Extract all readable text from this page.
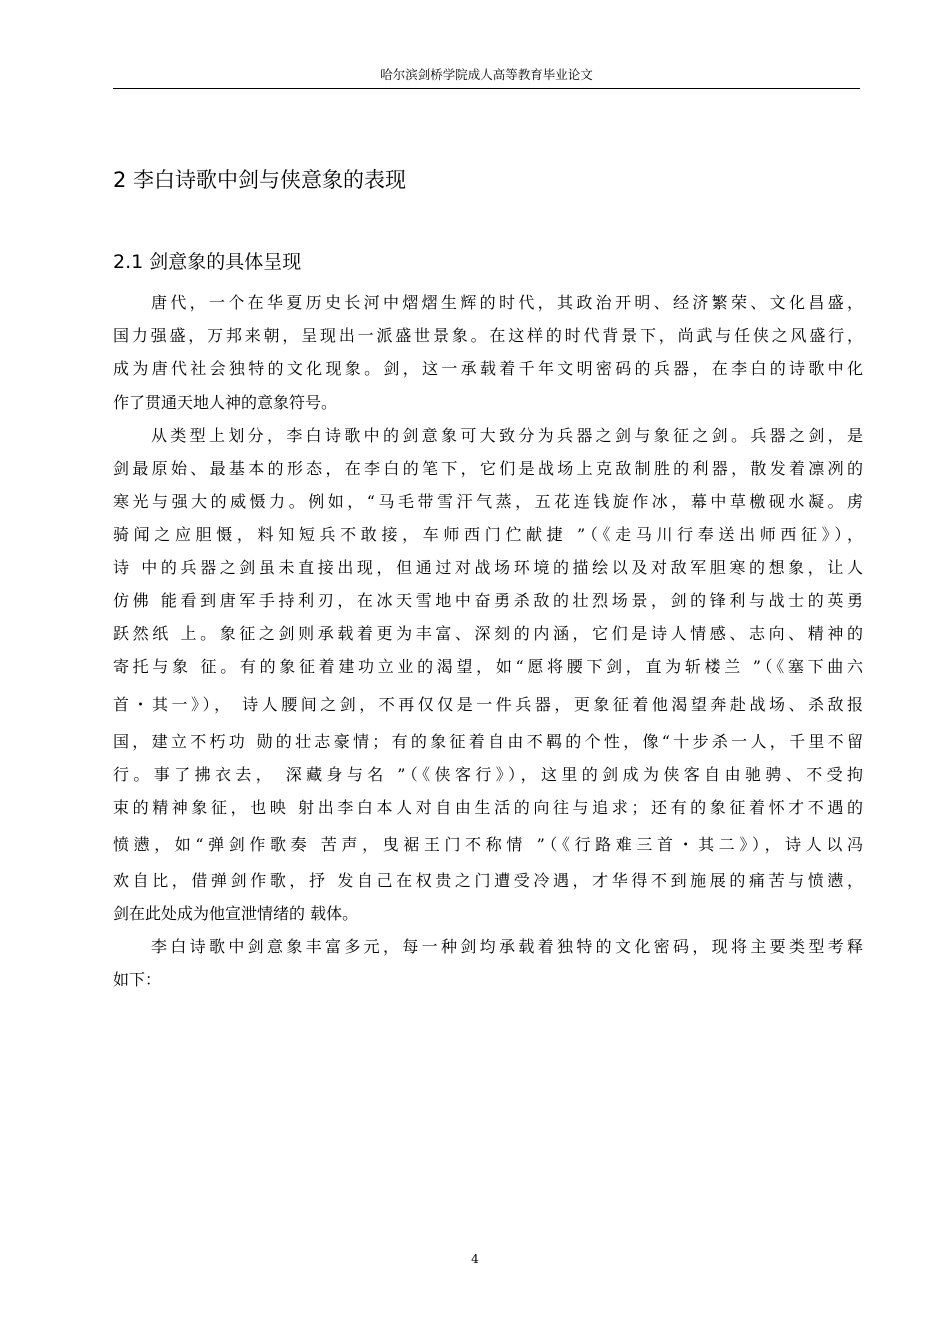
哈尔滨剑桥学院成人高等教育毕业论文
2 李白诗歌中剑与侠意象的表现
2.1 剑意象的具体呈现
唐代，一个在华夏历史长河中熠熠生辉的时代，其政治开明、经济繁荣、文化昌盛，
国力强盛，万邦来朝，呈现出一派盛世景象。在这样的时代背景下，尚武与任侠之风盛行，
成为唐代社会独特的文化现象。剑，这一承载着千年文明密码的兵器，在李白的诗歌中化
作了贯通天地人神的意象符号。
从类型上划分，李白诗歌中的剑意象可大致分为兵器之剑与象征之剑。兵器之剑，是
剑最原始、最基本的形态，在李白的笔下，它们是战场上克敌制胜的利器，散发着凛冽的
寒光与强大的威慑力。例如，“马毛带雪汗气蒸，五花连钱旋作冰，幕中草檄砚水凝。虏
骑闻之应胆慑，料知短兵不敢接，车师西门伫献捷 ”（《走马川行奉送出师西征》），
诗 中的兵器之剑虽未直接出现，但通过对战场环境的描绘以及对敌军胆寒的想象，让人
仿佛 能看到唐军手持利刃，在冰天雪地中奋勇杀敌的壮烈场景，剑的锋利与战士的英勇
跃然纸 上。象征之剑则承载着更为丰富、深刻的内涵，它们是诗人情感、志向、精神的
寄托与象 征。有的象征着建功立业的渴望，如“愿将腰下剑，直为斩楼兰 ”（《塞下曲六
首・其一》）， 诗人腰间之剑，不再仅仅是一件兵器，更象征着他渴望奔赴战场、杀敌报
国，建立不朽功 勋的壮志豪情；有的象征着自由不羁的个性，像“十步杀一人，千里不留
行。事了拂衣去， 深藏身与名 ”（《侠客行》），这里的剑成为侠客自由驰骋、不受拘
束的精神象征，也映 射出李白本人对自由生活的向往与追求；还有的象征着怀才不遇的
愤懑，如“弹剑作歌奏 苦声，曳裾王门不称情 ”（《行路难三首・其二》），诗人以冯
欢自比，借弹剑作歌，抒 发自己在权贵之门遭受冷遇，才华得不到施展的痛苦与愤懑，
剑在此处成为他宣泄情绪的 载体。
李白诗歌中剑意象丰富多元，每一种剑均承载着独特的文化密码，现将主要类型考释
如下：
4
